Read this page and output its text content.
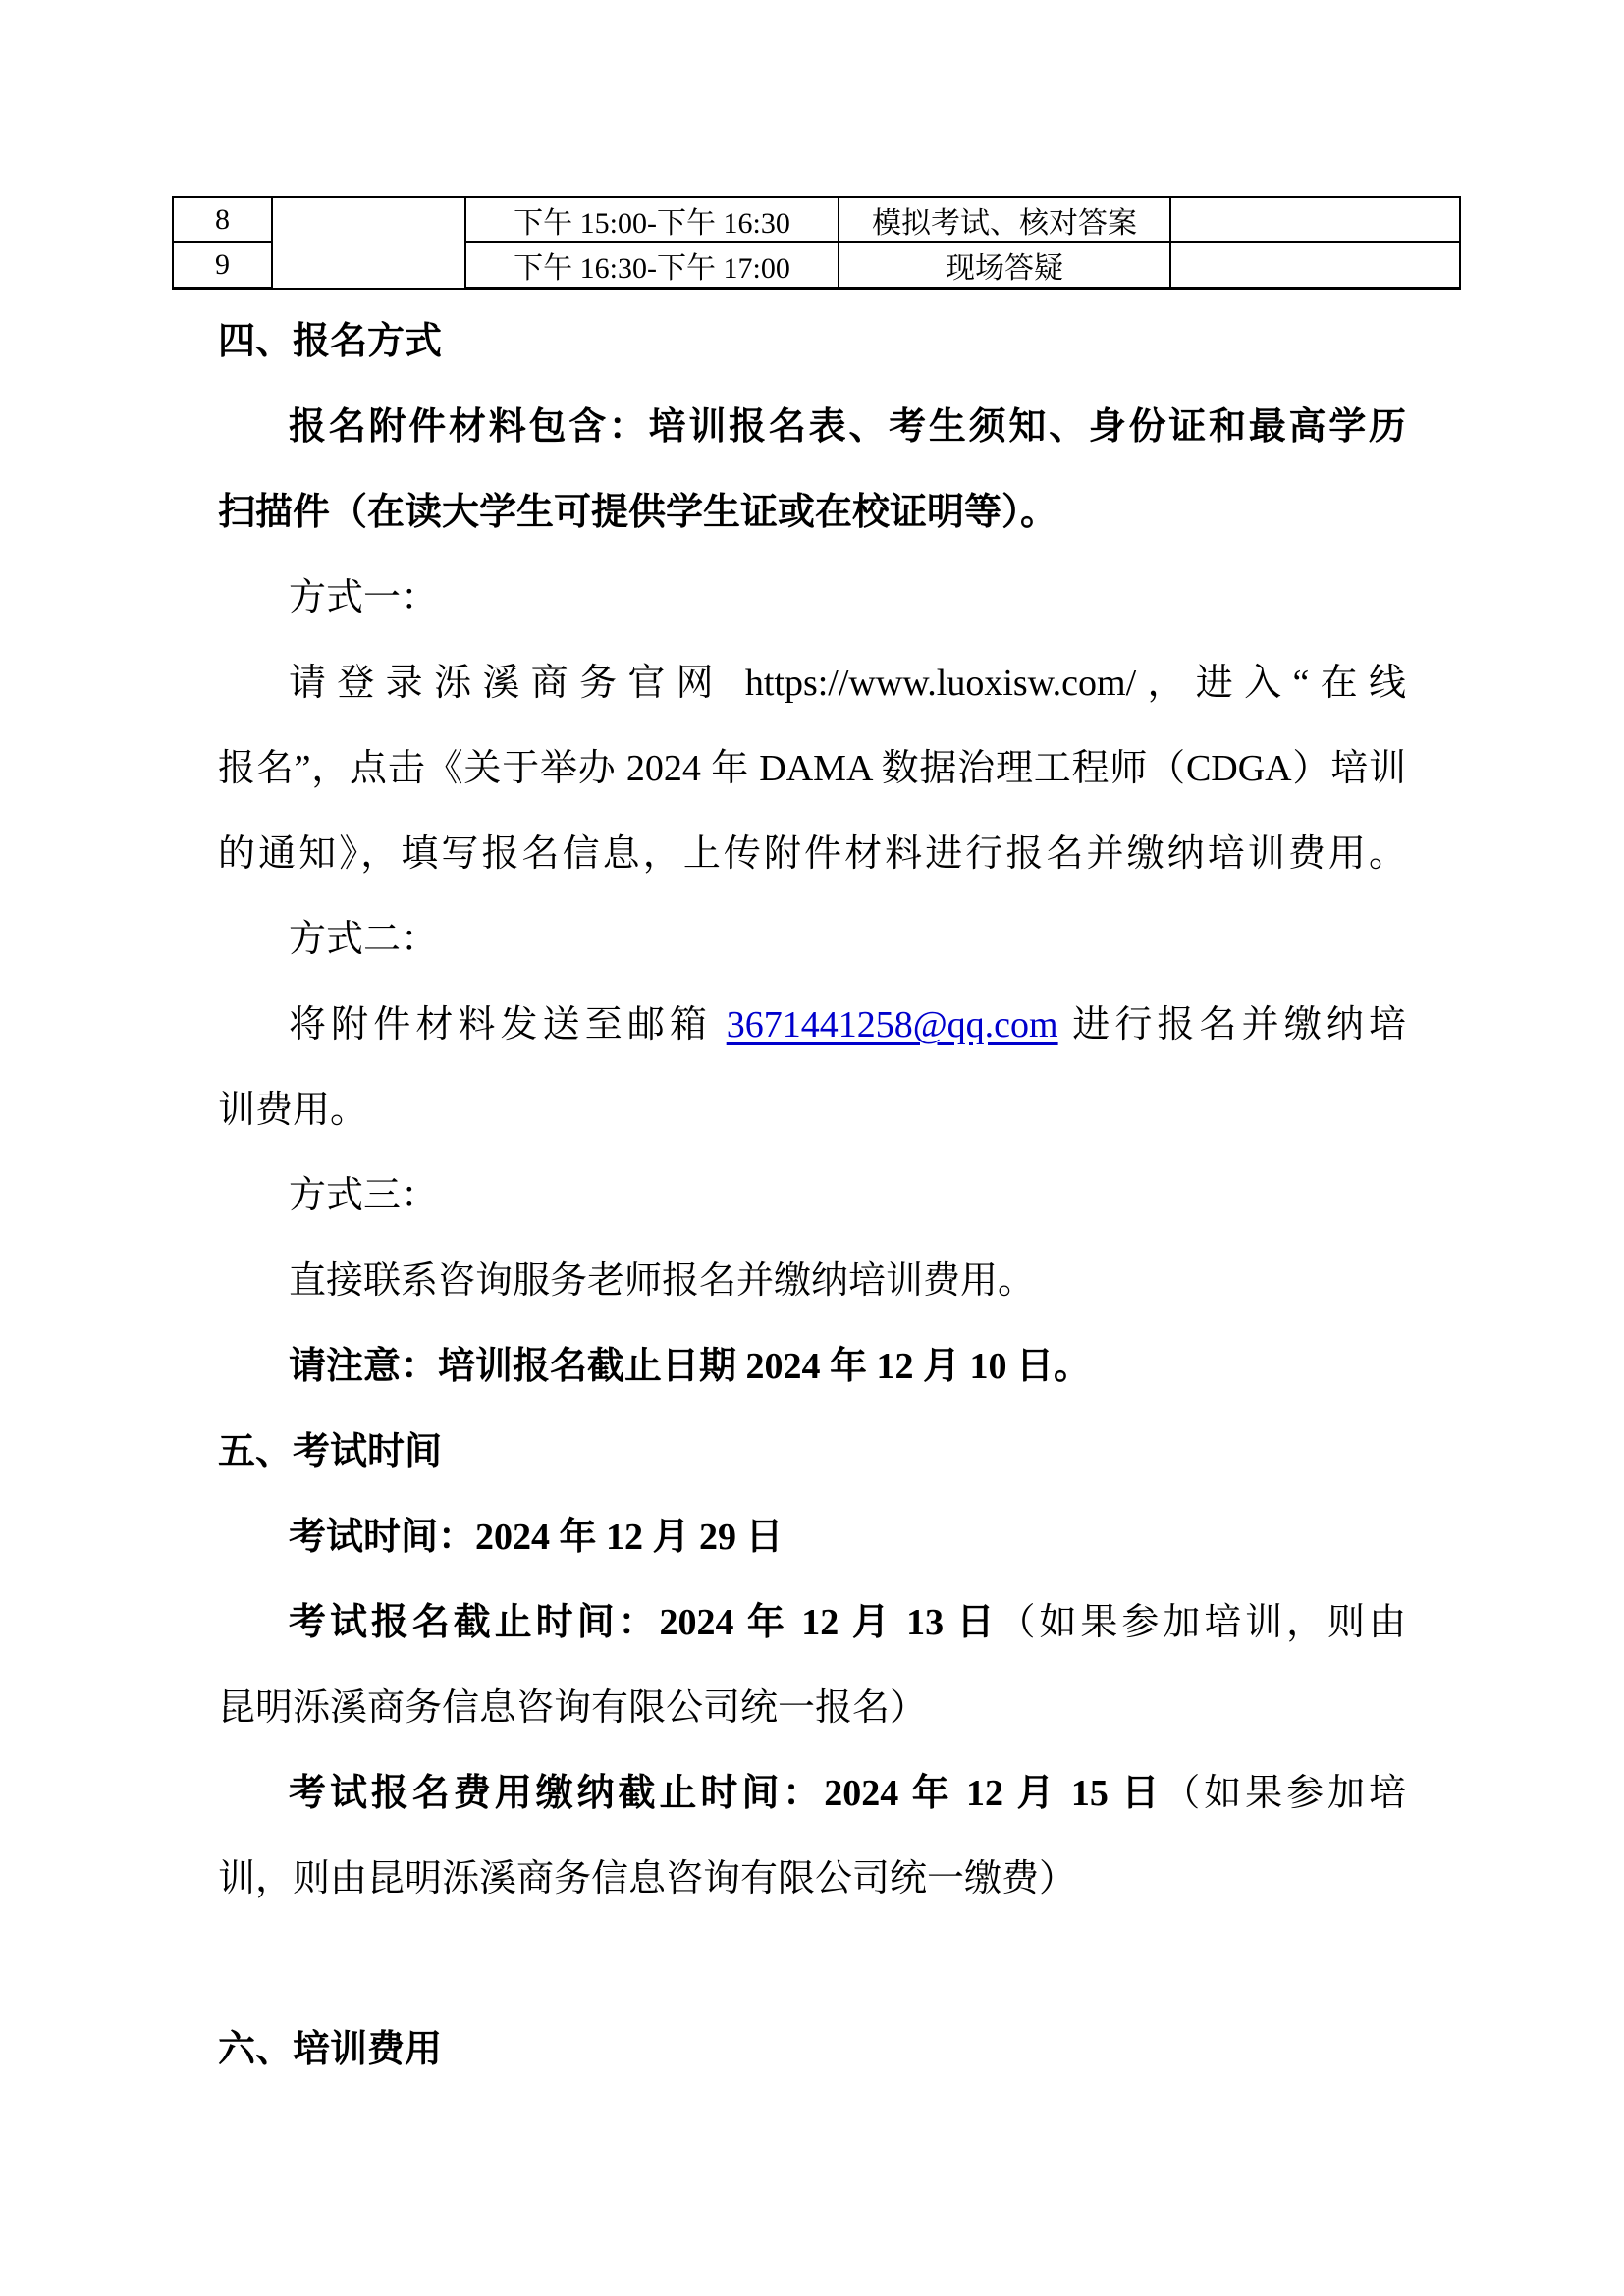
8		下午 15:00-下午 16:30	模拟考试、核对答案	
9		下午 16:30-下午 17:00	现场答疑	
四、报名方式
报名附件材料包含：培训报名表、考生须知、身份证和最高学历
扫描件（在读大学生可提供学生证或在校证明等）。
方式一：
请登录泺溪商务官网 https://www.luoxisw.com/，进入“在线
报名”，点击《关于举办 2024 年 DAMA 数据治理工程师（CDGA）培训
的通知》，填写报名信息，上传附件材料进行报名并缴纳培训费用。
方式二：
将附件材料发送至邮箱 3671441258@qq.com 进行报名并缴纳培
训费用。
方式三：
直接联系咨询服务老师报名并缴纳培训费用。
请注意：培训报名截止日期 2024 年 12 月 10 日。
五、考试时间
考试时间：2024 年 12 月 29 日
考试报名截止时间：2024 年 12 月 13 日（如果参加培训，则由
昆明泺溪商务信息咨询有限公司统一报名）
考试报名费用缴纳截止时间：2024 年 12 月 15 日（如果参加培
训，则由昆明泺溪商务信息咨询有限公司统一缴费）
六、培训费用
